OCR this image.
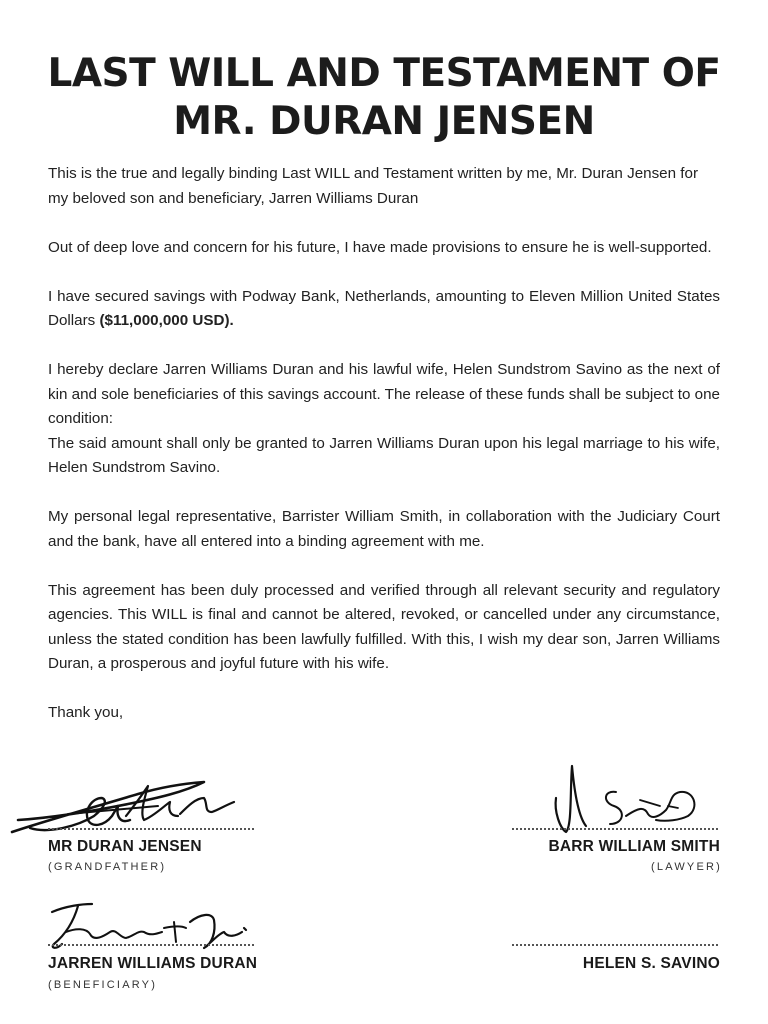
LAST WILL AND TESTAMENT OF
MR. DURAN JENSEN

This is the true and legally binding Last WILL and Testament written by me, Mr. Duran Jensen for my beloved son and beneficiary, Jarren Williams Duran

Out of deep love and concern for his future, I have made provisions to ensure he is well-supported.

I have secured savings with Podway Bank, Netherlands, amounting to Eleven Million United States Dollars ($11,000,000 USD).

I hereby declare Jarren Williams Duran and his lawful wife, Helen Sundstrom Savino as the next of kin and sole beneficiaries of this savings account. The release of these funds shall be subject to one condition:

The said amount shall only be granted to Jarren Williams Duran upon his legal marriage to his wife, Helen Sundstrom Savino.

My personal legal representative, Barrister William Smith, in collaboration with the Judiciary Court and the bank, have all entered into a binding agreement with me.

This agreement has been duly processed and verified through all relevant security and regulatory agencies. This WILL is final and cannot be altered, revoked, or cancelled under any circumstance, unless the stated condition has been lawfully fulfilled. With this, I wish my dear son, Jarren Williams Duran, a prosperous and joyful future with his wife.

Thank you,

MR DURAN JENSEN
(GRANDFATHER)
BARR WILLIAM SMITH
(LAWYER)
JARREN WILLIAMS DURAN
(BENEFICIARY)
HELEN S. SAVINO
